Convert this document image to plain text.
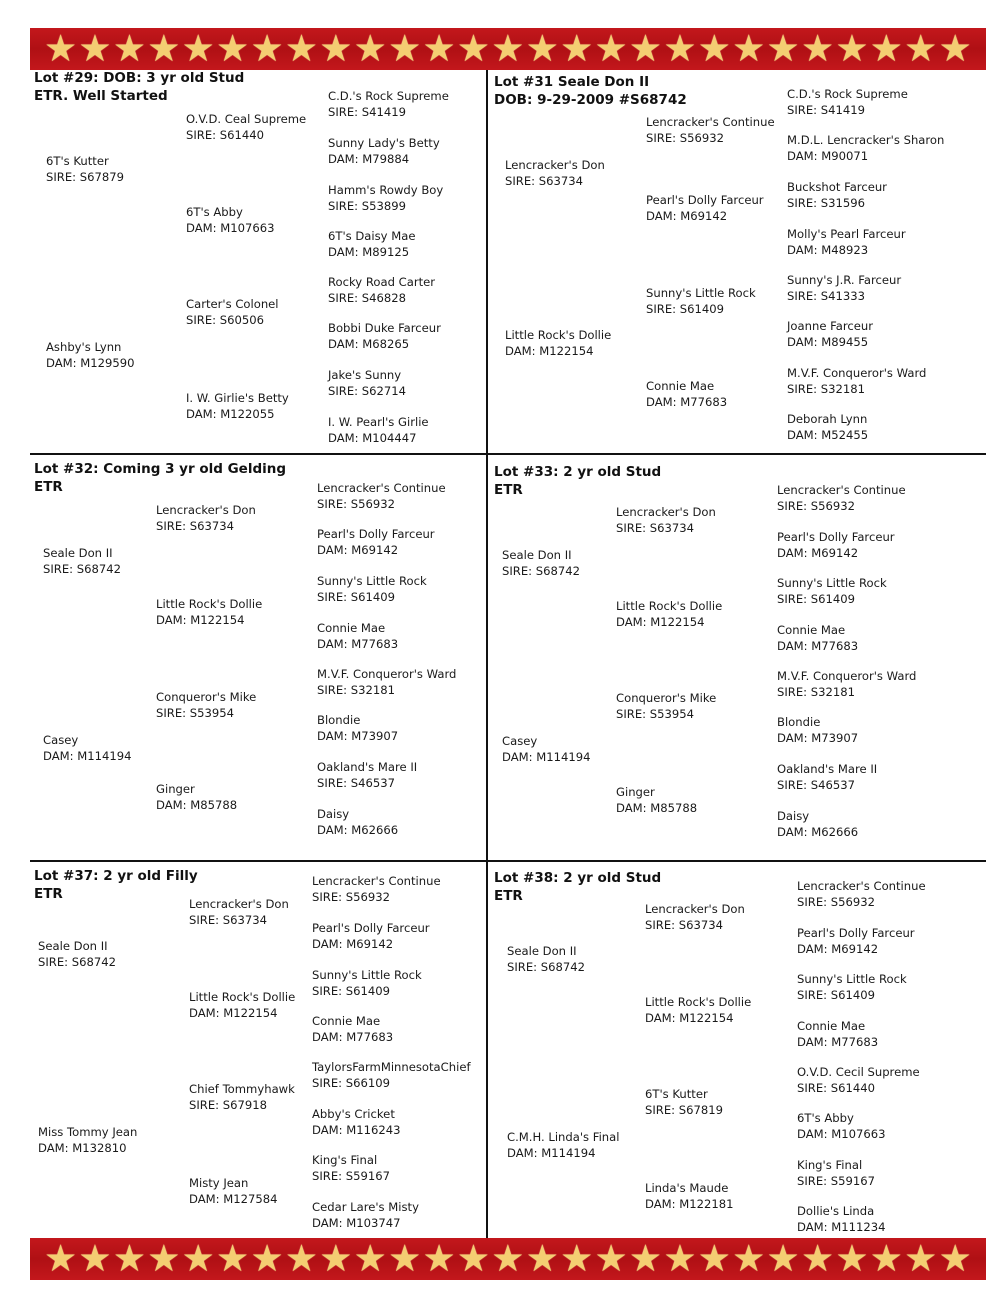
★ ★ ★ ★ ★ ★ ★ ★ ★ ★ ★ ★ ★ ★ ★ ★ ★ ★ ★ ★ ★ ★ ★ ★ ★ ★ ★
★ ★ ★ ★ ★ ★ ★ ★ ★ ★ ★ ★ ★ ★ ★ ★ ★ ★ ★ ★ ★ ★ ★ ★ ★ ★ ★
Lot #29: DOB: 3 yr old Stud
ETR. Well Started
6T's Kutter
SIRE: S67879
Ashby's Lynn
DAM: M129590
O.V.D. Ceal Supreme
SIRE: S61440
6T's Abby
DAM: M107663
Carter's Colonel
SIRE: S60506
I. W. Girlie's Betty
DAM: M122055
C.D.'s Rock Supreme
SIRE: S41419
Sunny Lady's Betty
DAM: M79884
Hamm's Rowdy Boy
SIRE: S53899
6T's Daisy Mae
DAM: M89125
Rocky Road Carter
SIRE: S46828
Bobbi Duke Farceur
DAM: M68265
Jake's Sunny
SIRE: S62714
I. W. Pearl's Girlie
DAM: M104447
Lot #31 Seale Don II
DOB: 9-29-2009 #S68742
Lencracker's Don
SIRE: S63734
Little Rock's Dollie
DAM: M122154
Lencracker's Continue
SIRE: S56932
Pearl's Dolly Farceur
DAM: M69142
Sunny's Little Rock
SIRE: S61409
Connie Mae
DAM: M77683
C.D.'s Rock Supreme
SIRE: S41419
M.D.L. Lencracker's Sharon
DAM: M90071
Buckshot Farceur
SIRE: S31596
Molly's Pearl Farceur
DAM: M48923
Sunny's J.R. Farceur
SIRE: S41333
Joanne Farceur
DAM: M89455
M.V.F. Conqueror's Ward
SIRE: S32181
Deborah Lynn
DAM: M52455
Lot #32: Coming 3 yr old Gelding
ETR
Seale Don II
SIRE: S68742
Casey
DAM: M114194
Lencracker's Don
SIRE: S63734
Little Rock's Dollie
DAM: M122154
Conqueror's Mike
SIRE: S53954
Ginger
DAM: M85788
Lencracker's Continue
SIRE: S56932
Pearl's Dolly Farceur
DAM: M69142
Sunny's Little Rock
SIRE: S61409
Connie Mae
DAM: M77683
M.V.F. Conqueror's Ward
SIRE: S32181
Blondie
DAM: M73907
Oakland's Mare II
SIRE: S46537
Daisy
DAM: M62666
Lot #33: 2 yr old Stud
ETR
Seale Don II
SIRE: S68742
Casey
DAM: M114194
Lencracker's Don
SIRE: S63734
Little Rock's Dollie
DAM: M122154
Conqueror's Mike
SIRE: S53954
Ginger
DAM: M85788
Lencracker's Continue
SIRE: S56932
Pearl's Dolly Farceur
DAM: M69142
Sunny's Little Rock
SIRE: S61409
Connie Mae
DAM: M77683
M.V.F. Conqueror's Ward
SIRE: S32181
Blondie
DAM: M73907
Oakland's Mare II
SIRE: S46537
Daisy
DAM: M62666
Lot #37: 2 yr old Filly
ETR
Seale Don II
SIRE: S68742
Miss Tommy Jean
DAM: M132810
Lencracker's Don
SIRE: S63734
Little Rock's Dollie
DAM: M122154
Chief Tommyhawk
SIRE: S67918
Misty Jean
DAM: M127584
Lencracker's Continue
SIRE: S56932
Pearl's Dolly Farceur
DAM: M69142
Sunny's Little Rock
SIRE: S61409
Connie Mae
DAM: M77683
TaylorsFarmMinnesotaChief
SIRE: S66109
Abby's Cricket
DAM: M116243
King's Final
SIRE: S59167
Cedar Lare's Misty
DAM: M103747
Lot #38: 2 yr old Stud
ETR
Seale Don II
SIRE: S68742
C.M.H. Linda's Final
DAM: M114194
Lencracker's Don
SIRE: S63734
Little Rock's Dollie
DAM: M122154
6T's Kutter
SIRE: S67819
Linda's Maude
DAM: M122181
Lencracker's Continue
SIRE: S56932
Pearl's Dolly Farceur
DAM: M69142
Sunny's Little Rock
SIRE: S61409
Connie Mae
DAM: M77683
O.V.D. Cecil Supreme
SIRE: S61440
6T's Abby
DAM: M107663
King's Final
SIRE: S59167
Dollie's Linda
DAM: M111234
